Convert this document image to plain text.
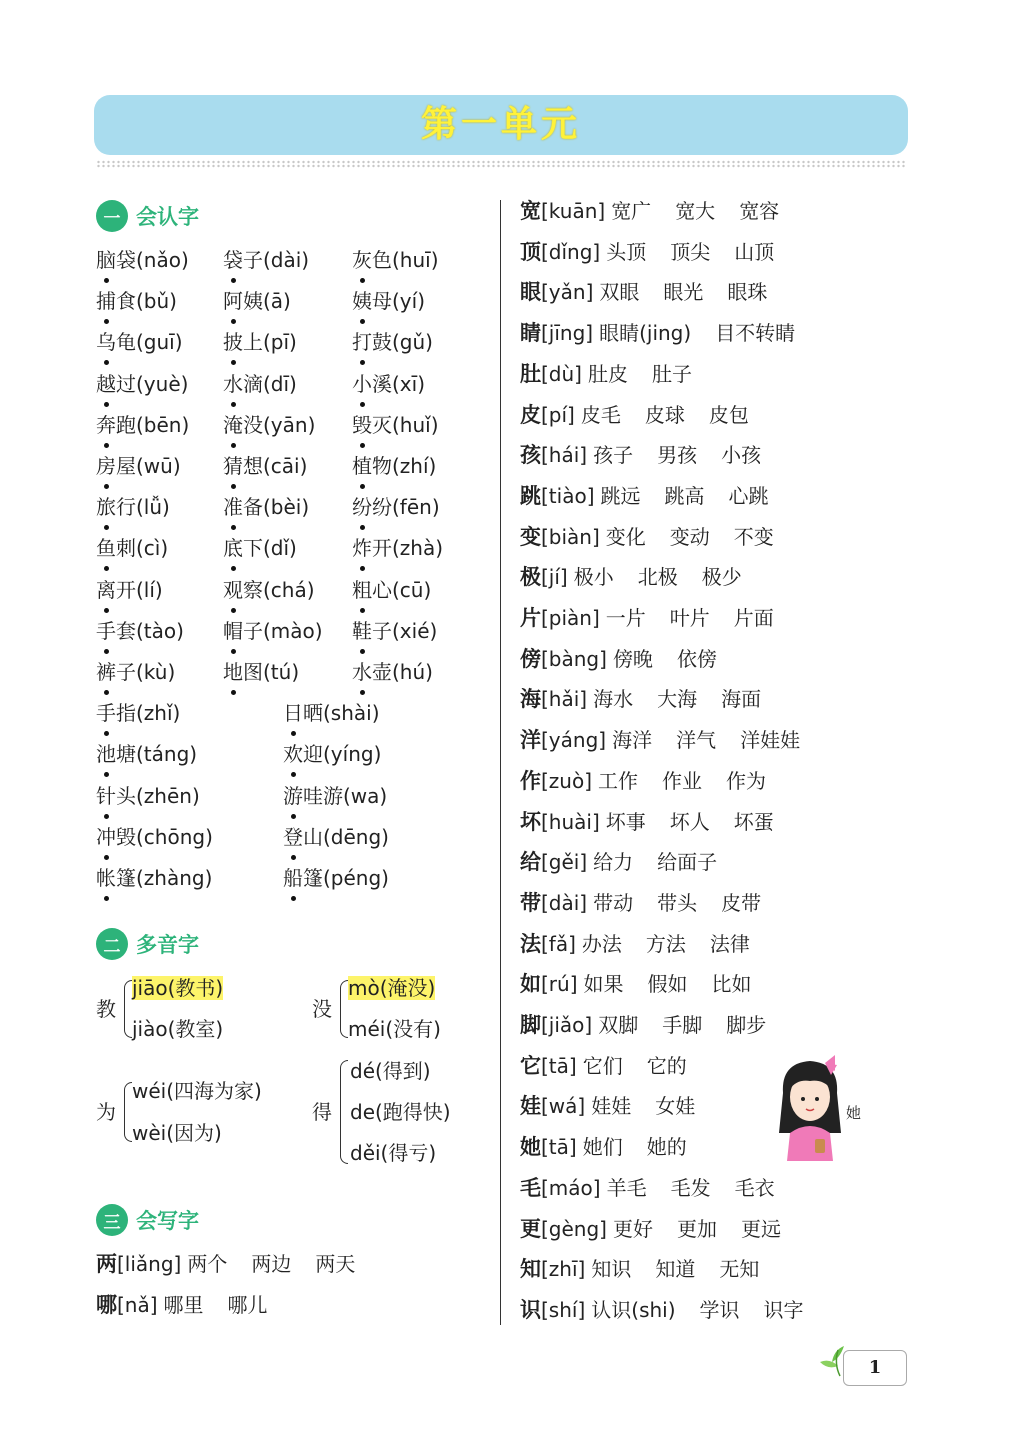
第一单元
一 会认字
脑袋(nǎo) 袋子(dài) 灰色(huī)
捕食(bǔ) 阿姨(ā)	姨母(yí)
乌龟(guī) 披上(pī)	打鼓(gǔ)
越过(yuè) 水滴(dī)	小溪(xī)
奔跑(bēn) 淹没(yān) 毁灭(huǐ)
房屋(wū) 猜想(cāi) 植物(zhí)
旅行(lǚ)	准备(bèi) 纷纷(fēn)
鱼刺(cì)	底下(dǐ)	炸开(zhà)
离开(lí)	观察(chá) 粗心(cū)
手套(tào) 帽子(mào) 鞋子(xié)
裤子(kù) 地图(tú)	水壶(hú)
手指(zhǐ)	日晒(shài)
池塘(táng)	欢迎(yíng)
针头(zhēn)	游哇游(wa)
冲毁(chōng)	登山(dēng)
帐篷(zhàng)	船篷(péng)
二 多音字
教
jiāo(教书)
jiào(教室)
没
mò(淹没)
méi(没有)
为
wéi(四海为家)
wèi(因为)
得
dé(得到)
de(跑得快)
děi(得亏)
三 会写字
两[liǎng] 两个 两边 两天
哪[nǎ] 哪里 哪儿
宽[kuān] 宽广 宽大 宽容
顶[dǐng] 头顶 顶尖 山顶
眼[yǎn] 双眼 眼光 眼珠
睛[jīng] 眼睛(jing) 目不转睛
肚[dù] 肚皮 肚子
皮[pí] 皮毛 皮球 皮包
孩[hái] 孩子 男孩 小孩
跳[tiào] 跳远 跳高 心跳
变[biàn] 变化 变动 不变
极[jí] 极小 北极 极少
片[piàn] 一片 叶片 片面
傍[bàng] 傍晚 依傍
海[hǎi] 海水 大海 海面
洋[yáng] 海洋 洋气 洋娃娃
作[zuò] 工作 作业 作为
坏[huài] 坏事 坏人 坏蛋
给[gěi] 给力 给面子
带[dài] 带动 带头 皮带
法[fǎ] 办法 方法 法律
如[rú] 如果 假如 比如
脚[jiǎo] 双脚 手脚 脚步
它[tā] 它们 它的
娃[wá] 娃娃 女娃
她[tā] 她们 她的
毛[máo] 羊毛 毛发 毛衣
更[gèng] 更好 更加 更远
知[zhī] 知识 知道 无知
识[shí] 认识(shi) 学识 识字
她
1
